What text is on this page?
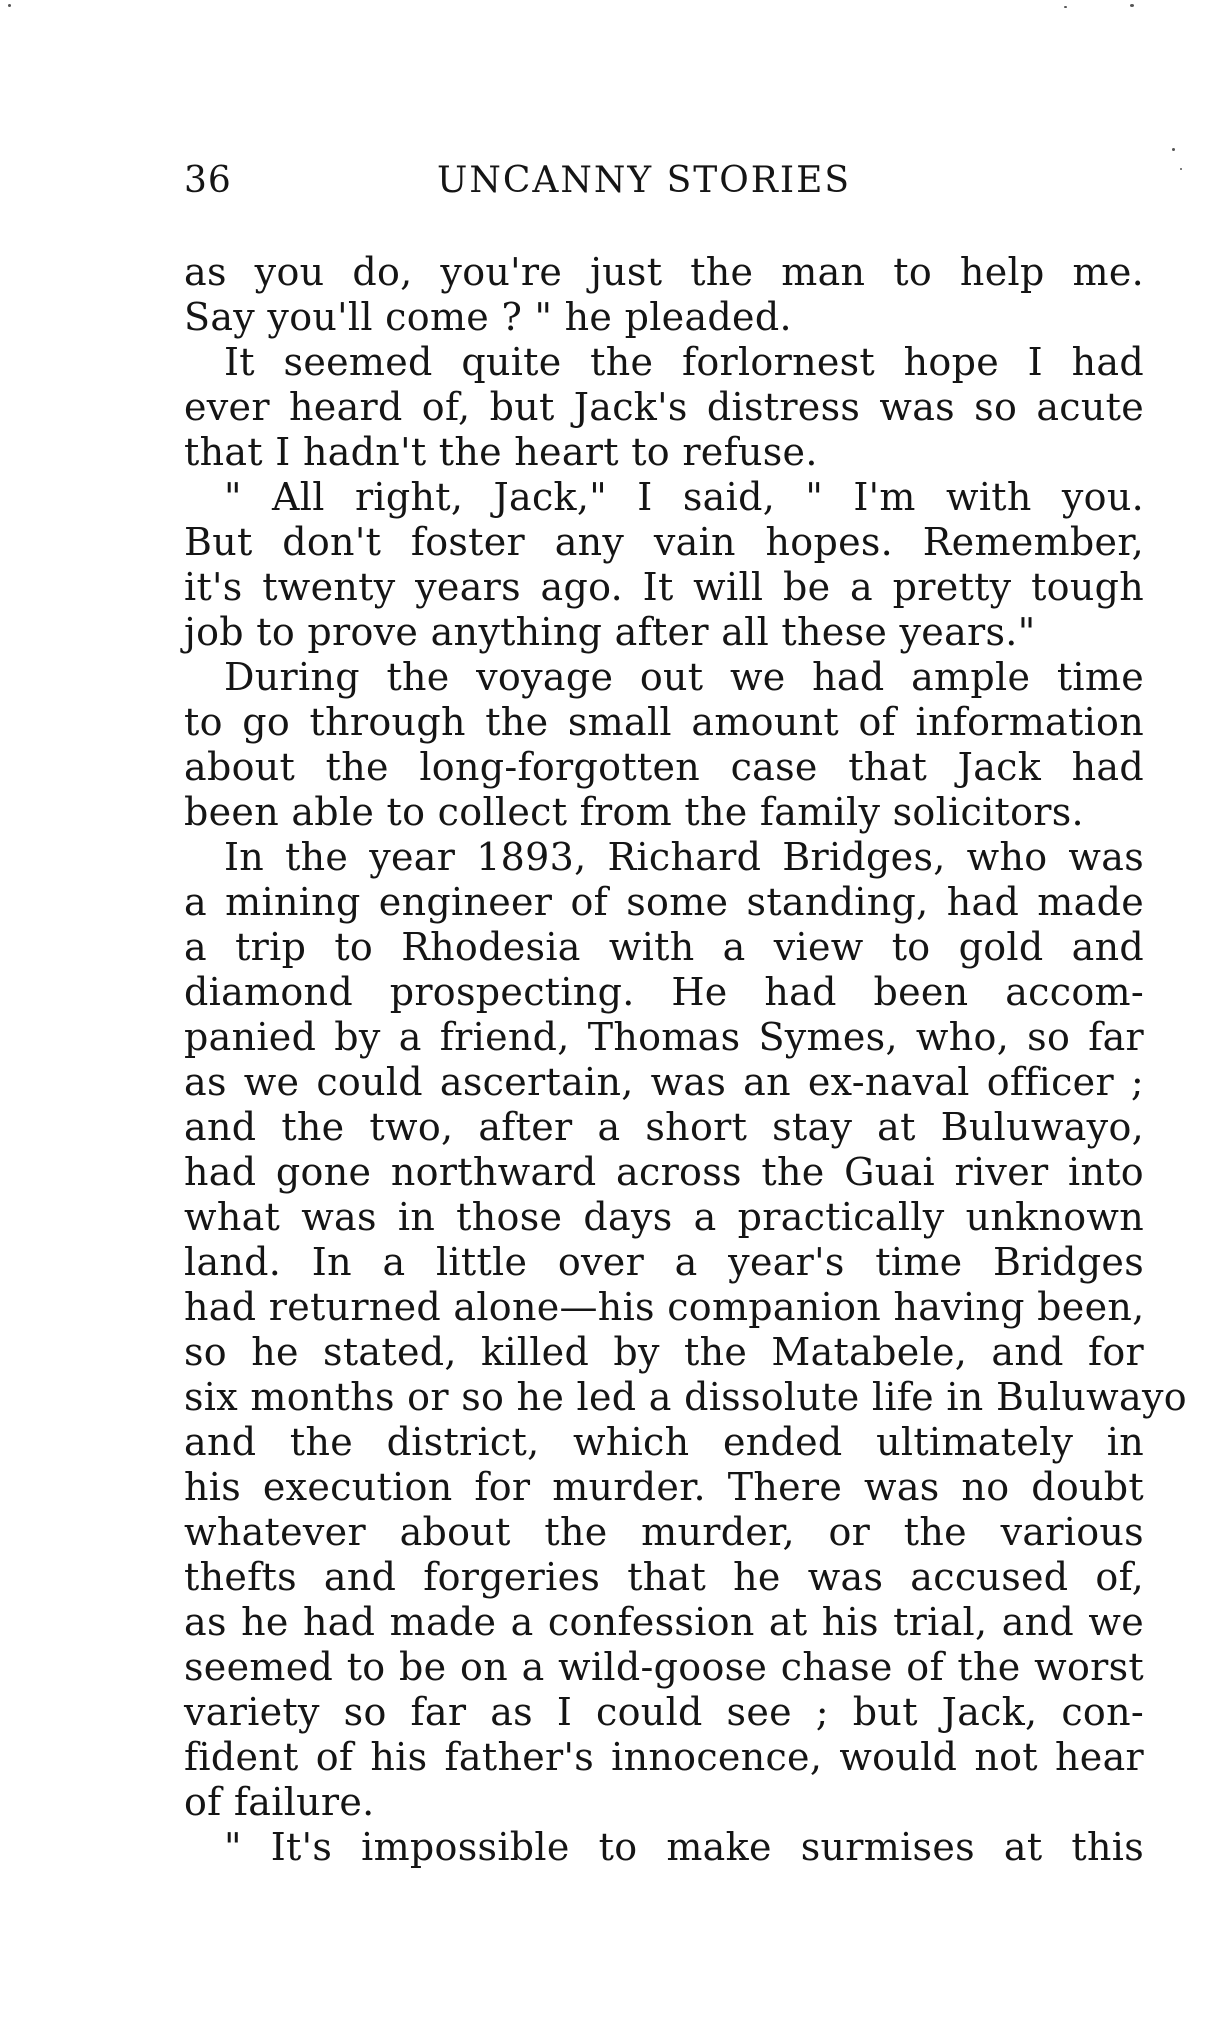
36	UNCANNY STORIES
as you do, you're just the man to help me.
Say you'll come ? " he pleaded.
It seemed quite the forlornest hope I had
ever heard of, but Jack's distress was so acute
that I hadn't the heart to refuse.
" All right, Jack," I said, " I'm with you.
But don't foster any vain hopes. Remember,
it's twenty years ago. It will be a pretty tough
job to prove anything after all these years."
During the voyage out we had ample time
to go through the small amount of information
about the long-forgotten case that Jack had
been able to collect from the family solicitors.
In the year 1893, Richard Bridges, who was
a mining engineer of some standing, had made
a trip to Rhodesia with a view to gold and
diamond prospecting. He had been accom-
panied by a friend, Thomas Symes, who, so far
as we could ascertain, was an ex-naval officer ;
and the two, after a short stay at Buluwayo,
had gone northward across the Guai river into
what was in those days a practically unknown
land. In a little over a year's time Bridges
had returned alone—his companion having been,
so he stated, killed by the Matabele, and for
six months or so he led a dissolute life in Buluwayo
and the district, which ended ultimately in
his execution for murder. There was no doubt
whatever about the murder, or the various
thefts and forgeries that he was accused of,
as he had made a confession at his trial, and we
seemed to be on a wild-goose chase of the worst
variety so far as I could see ; but Jack, con-
fident of his father's innocence, would not hear
of failure.
" It's impossible to make surmises at this
